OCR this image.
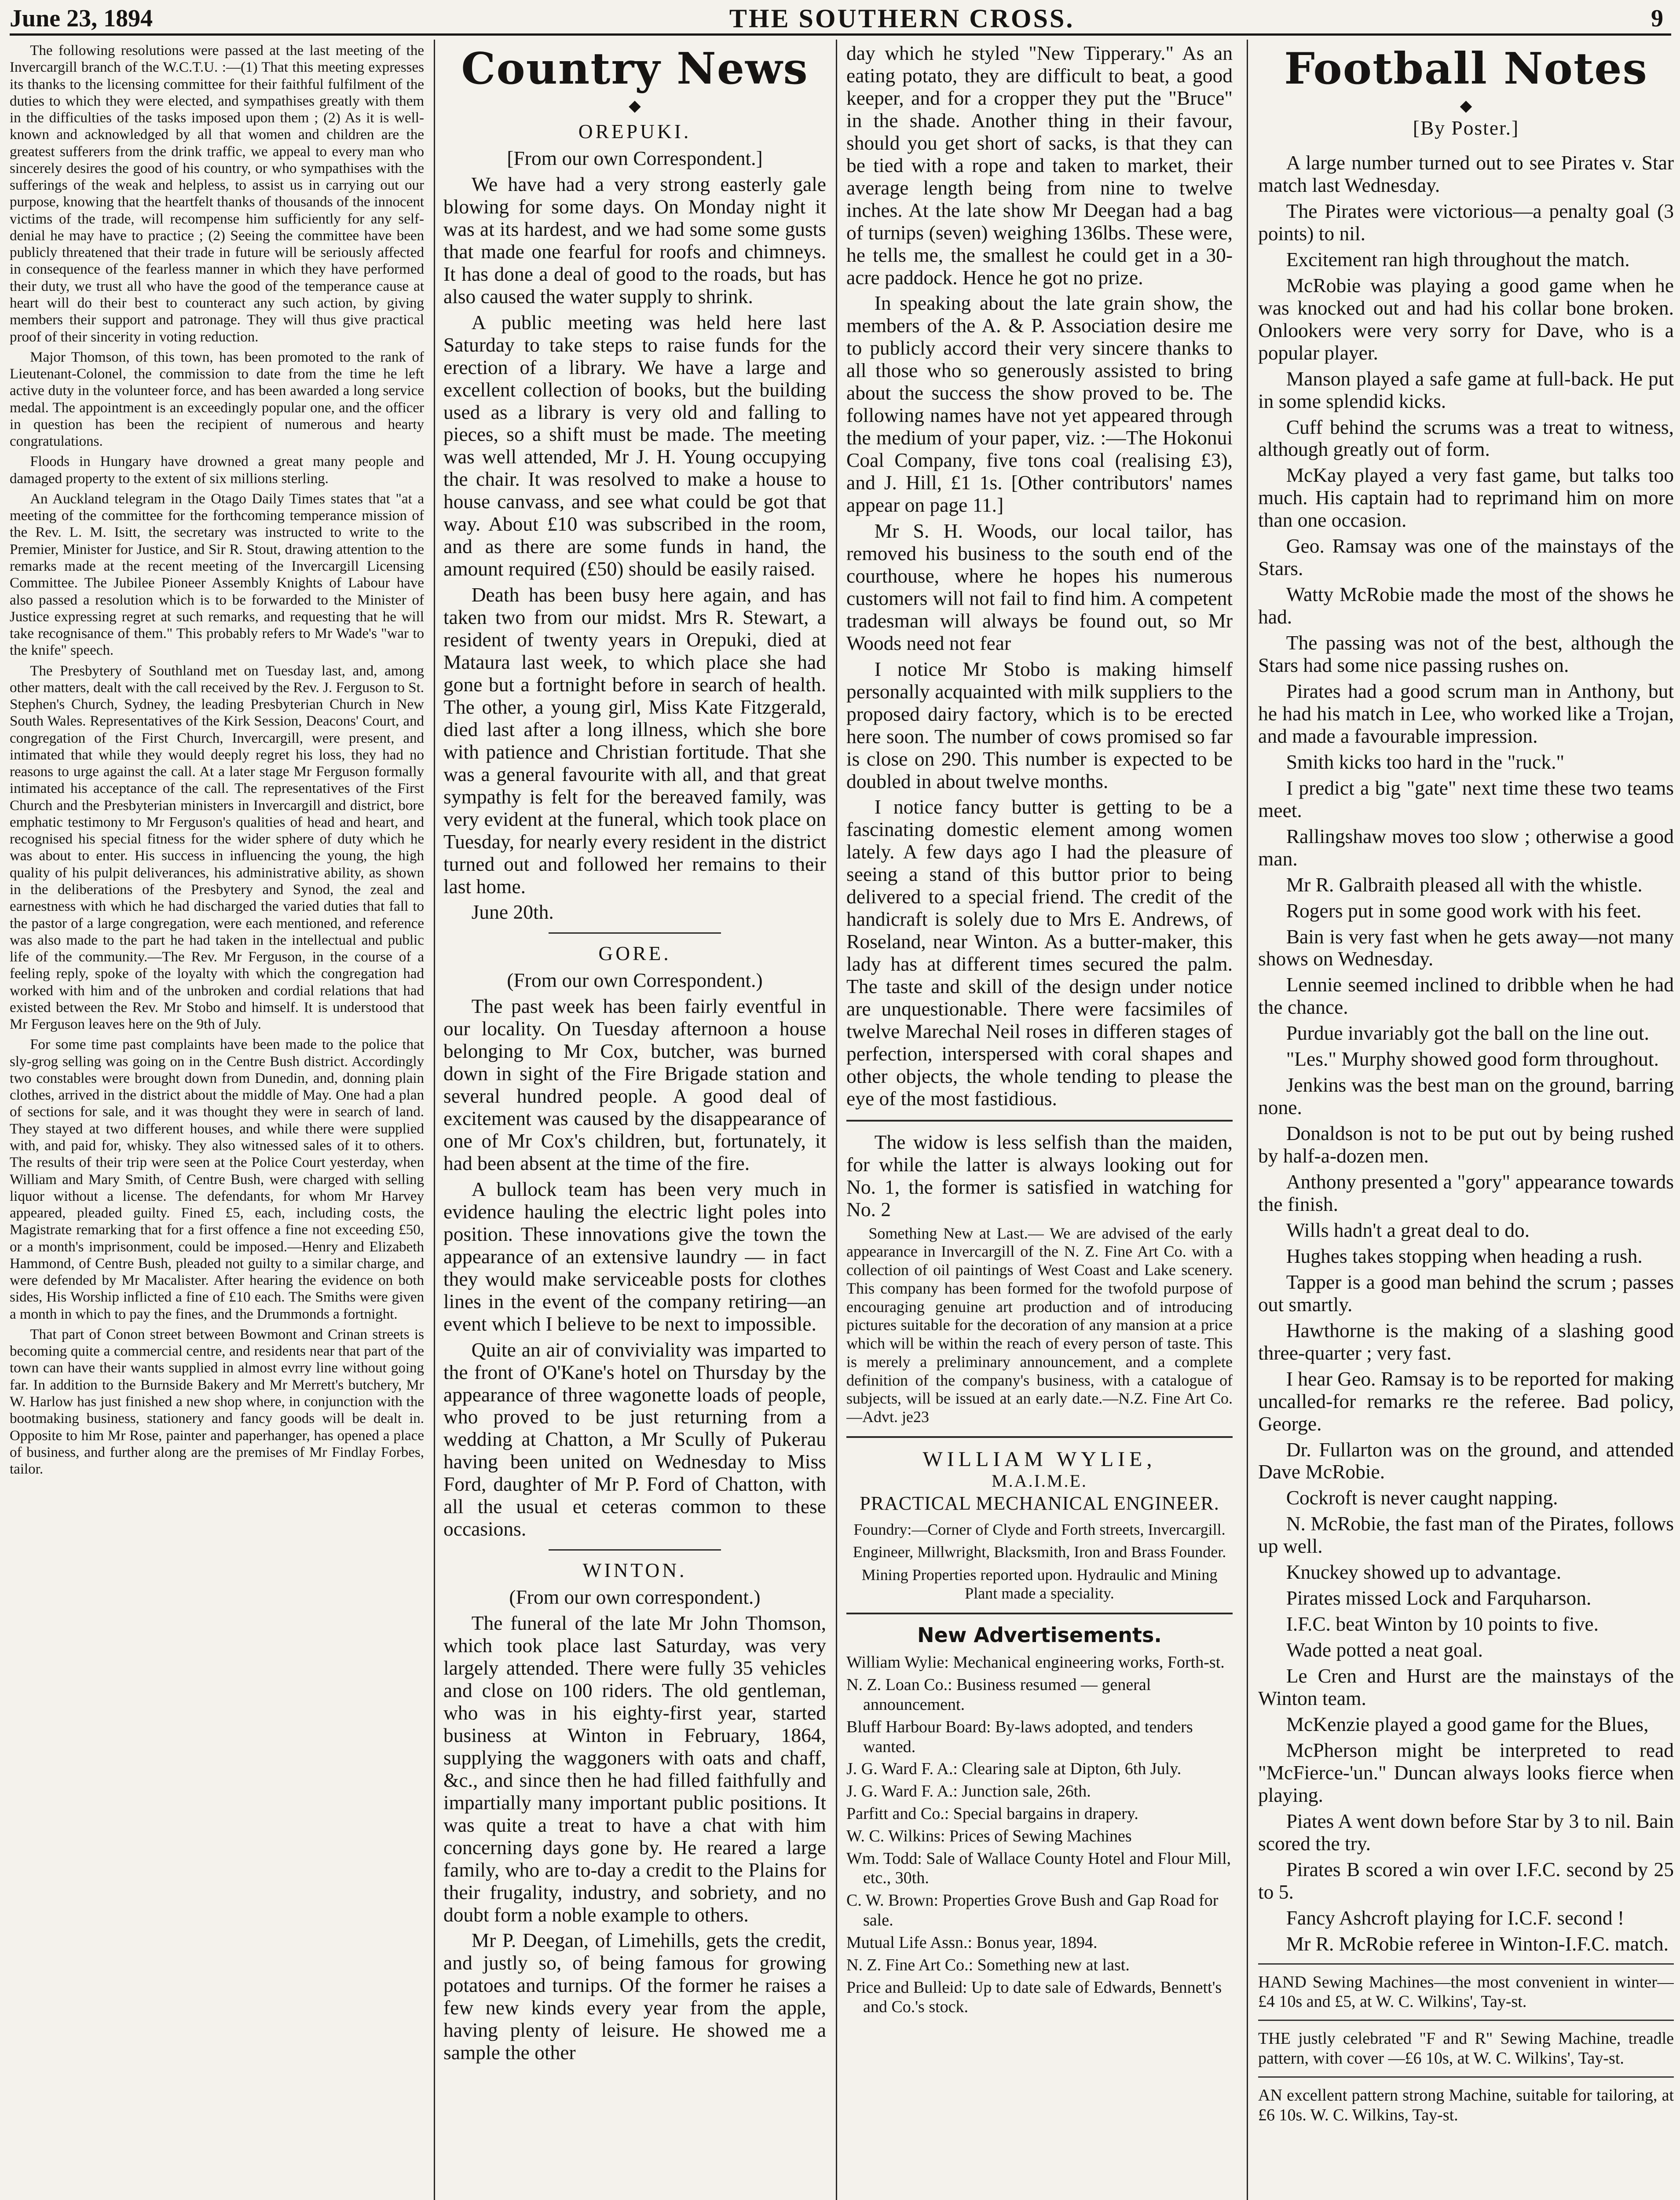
June 23, 1894	THE SOUTHERN CROSS.	9

The following resolutions were passed at the last meeting of the Invercargill branch of the W.C.T.U. :—(1) That this meeting expresses its thanks to the licensing committee for their faithful fulfilment of the duties to which they were elected, and sympathises greatly with them in the difficulties of the tasks imposed upon them ; (2) As it is well-known and acknowledged by all that women and children are the greatest sufferers from the drink traffic, we appeal to every man who sincerely desires the good of his country, or who sympathises with the sufferings of the weak and helpless, to assist us in carrying out our purpose, knowing that the heartfelt thanks of thousands of the innocent victims of the trade, will recompense him sufficiently for any self-denial he may have to practice ; (2) Seeing the committee have been publicly threatened that their trade in future will be seriously affected in consequence of the fearless manner in which they have performed their duty, we trust all who have the good of the temperance cause at heart will do their best to counteract any such action, by giving members their support and patronage. They will thus give practical proof of their sincerity in voting reduction.

Major Thomson, of this town, has been promoted to the rank of Lieutenant-Colonel, the commission to date from the time he left active duty in the volunteer force, and has been awarded a long service medal. The appointment is an exceedingly popular one, and the officer in question has been the recipient of numerous and hearty congratulations.

Floods in Hungary have drowned a great many people and damaged property to the extent of six millions sterling.

An Auckland telegram in the Otago Daily Times states that "at a meeting of the committee for the forthcoming temperance mission of the Rev. L. M. Isitt, the secretary was instructed to write to the Premier, Minister for Justice, and Sir R. Stout, drawing attention to the remarks made at the recent meeting of the Invercargill Licensing Committee. The Jubilee Pioneer Assembly Knights of Labour have also passed a resolution which is to be forwarded to the Minister of Justice expressing regret at such remarks, and requesting that he will take recognisance of them." This probably refers to Mr Wade's "war to the knife" speech.

The Presbytery of Southland met on Tuesday last, and, among other matters, dealt with the call received by the Rev. J. Ferguson to St. Stephen's Church, Sydney, the leading Presbyterian Church in New South Wales. Representatives of the Kirk Session, Deacons' Court, and congregation of the First Church, Invercargill, were present, and intimated that while they would deeply regret his loss, they had no reasons to urge against the call. At a later stage Mr Ferguson formally intimated his acceptance of the call. The representatives of the First Church and the Presbyterian ministers in Invercargill and district, bore emphatic testimony to Mr Ferguson's qualities of head and heart, and recognised his special fitness for the wider sphere of duty which he was about to enter. His success in influencing the young, the high quality of his pulpit deliverances, his administrative ability, as shown in the deliberations of the Presbytery and Synod, the zeal and earnestness with which he had discharged the varied duties that fall to the pastor of a large congregation, were each mentioned, and reference was also made to the part he had taken in the intellectual and public life of the community.—The Rev. Mr Ferguson, in the course of a feeling reply, spoke of the loyalty with which the congregation had worked with him and of the unbroken and cordial relations that had existed between the Rev. Mr Stobo and himself. It is understood that Mr Ferguson leaves here on the 9th of July.

For some time past complaints have been made to the police that sly-grog selling was going on in the Centre Bush district. Accordingly two constables were brought down from Dunedin, and, donning plain clothes, arrived in the district about the middle of May. One had a plan of sections for sale, and it was thought they were in search of land. They stayed at two different houses, and while there were supplied with, and paid for, whisky. They also witnessed sales of it to others. The results of their trip were seen at the Police Court yesterday, when William and Mary Smith, of Centre Bush, were charged with selling liquor without a license. The defendants, for whom Mr Harvey appeared, pleaded guilty. Fined £5, each, including costs, the Magistrate remarking that for a first offence a fine not exceeding £50, or a month's imprisonment, could be imposed.—Henry and Elizabeth Hammond, of Centre Bush, pleaded not guilty to a similar charge, and were defended by Mr Macalister. After hearing the evidence on both sides, His Worship inflicted a fine of £10 each. The Smiths were given a month in which to pay the fines, and the Drummonds a fortnight.

That part of Conon street between Bowmont and Crinan streets is becoming quite a commercial centre, and residents near that part of the town can have their wants supplied in almost evrry line without going far. In addition to the Burnside Bakery and Mr Merrett's butchery, Mr W. Harlow has just finished a new shop where, in conjunction with the bootmaking business, stationery and fancy goods will be dealt in. Opposite to him Mr Rose, painter and paperhanger, has opened a place of business, and further along are the premises of Mr Findlay Forbes, tailor.

Country News
◆
OREPUKI.
[From our own Correspondent.]

We have had a very strong easterly gale blowing for some days. On Monday night it was at its hardest, and we had some some gusts that made one fearful for roofs and chimneys. It has done a deal of good to the roads, but has also caused the water supply to shrink.

A public meeting was held here last Saturday to take steps to raise funds for the erection of a library. We have a large and excellent collection of books, but the building used as a library is very old and falling to pieces, so a shift must be made. The meeting was well attended, Mr J. H. Young occupying the chair. It was resolved to make a house to house canvass, and see what could be got that way. About £10 was subscribed in the room, and as there are some funds in hand, the amount required (£50) should be easily raised.

Death has been busy here again, and has taken two from our midst. Mrs R. Stewart, a resident of twenty years in Orepuki, died at Mataura last week, to which place she had gone but a fortnight before in search of health. The other, a young girl, Miss Kate Fitzgerald, died last after a long illness, which she bore with patience and Christian fortitude. That she was a general favourite with all, and that great sympathy is felt for the bereaved family, was very evident at the funeral, which took place on Tuesday, for nearly every resident in the district turned out and followed her remains to their last home.

June 20th.
GORE.
(From our own Correspondent.)

The past week has been fairly eventful in our locality. On Tuesday afternoon a house belonging to Mr Cox, butcher, was burned down in sight of the Fire Brigade station and several hundred people. A good deal of excitement was caused by the disappearance of one of Mr Cox's children, but, fortunately, it had been absent at the time of the fire.

A bullock team has been very much in evidence hauling the electric light poles into position. These innovations give the town the appearance of an extensive laundry — in fact they would make serviceable posts for clothes lines in the event of the company retiring—an event which I believe to be next to impossible.

Quite an air of conviviality was imparted to the front of O'Kane's hotel on Thursday by the appearance of three wagonette loads of people, who proved to be just returning from a wedding at Chatton, a Mr Scully of Pukerau having been united on Wednesday to Miss Ford, daughter of Mr P. Ford of Chatton, with all the usual et ceteras common to these occasions.

WINTON.
(From our own correspondent.)

The funeral of the late Mr John Thomson, which took place last Saturday, was very largely attended. There were fully 35 vehicles and close on 100 riders. The old gentleman, who was in his eighty-first year, started business at Winton in February, 1864, supplying the waggoners with oats and chaff, &c., and since then he had filled faithfully and impartially many important public positions. It was quite a treat to have a chat with him concerning days gone by. He reared a large family, who are to-day a credit to the Plains for their frugality, industry, and sobriety, and no doubt form a noble example to others.

Mr P. Deegan, of Limehills, gets the credit, and justly so, of being famous for growing potatoes and turnips. Of the former he raises a few new kinds every year from the apple, having plenty of leisure. He showed me a sample the other

day which he styled "New Tipperary." As an eating potato, they are difficult to beat, a good keeper, and for a cropper they put the "Bruce" in the shade. Another thing in their favour, should you get short of sacks, is that they can be tied with a rope and taken to market, their average length being from nine to twelve inches. At the late show Mr Deegan had a bag of turnips (seven) weighing 136lbs. These were, he tells me, the smallest he could get in a 30-acre paddock. Hence he got no prize.

In speaking about the late grain show, the members of the A. & P. Association desire me to publicly accord their very sincere thanks to all those who so generously assisted to bring about the success the show proved to be. The following names have not yet appeared through the medium of your paper, viz. :—The Hokonui Coal Company, five tons coal (realising £3), and J. Hill, £1 1s. [Other contributors' names appear on page 11.]

Mr S. H. Woods, our local tailor, has removed his business to the south end of the courthouse, where he hopes his numerous customers will not fail to find him. A competent tradesman will always be found out, so Mr Woods need not fear

I notice Mr Stobo is making himself personally acquainted with milk suppliers to the proposed dairy factory, which is to be erected here soon. The number of cows promised so far is close on 290. This number is expected to be doubled in about twelve months.

I notice fancy butter is getting to be a fascinating domestic element among women lately. A few days ago I had the pleasure of seeing a stand of this buttor prior to being delivered to a special friend. The credit of the handicraft is solely due to Mrs E. Andrews, of Roseland, near Winton. As a butter-maker, this lady has at different times secured the palm. The taste and skill of the design under notice are unquestionable. There were facsimiles of twelve Marechal Neil roses in differen stages of perfection, interspersed with coral shapes and other objects, the whole tending to please the eye of the most fastidious.

The widow is less selfish than the maiden, for while the latter is always looking out for No. 1, the former is satisfied in watching for No. 2

Something New at Last.— We are advised of the early appearance in Invercargill of the N. Z. Fine Art Co. with a collection of oil paintings of West Coast and Lake scenery. This company has been formed for the twofold purpose of encouraging genuine art production and of introducing pictures suitable for the decoration of any mansion at a price which will be within the reach of every person of taste. This is merely a preliminary announcement, and a complete definition of the company's business, with a catalogue of subjects, will be issued at an early date.—N.Z. Fine Art Co.—Advt. je23

WILLIAM WYLIE,
M.A.I.M.E.
PRACTICAL MECHANICAL ENGINEER.
Foundry:—Corner of Clyde and Forth streets, Invercargill.
Engineer, Millwright, Blacksmith, Iron and Brass Founder.
Mining Properties reported upon. Hydraulic and Mining Plant made a speciality.
New Advertisements.

William Wylie: Mechanical engineering works, Forth-st.

N. Z. Loan Co.: Business resumed — general announcement.

Bluff Harbour Board: By-laws adopted, and tenders wanted.

J. G. Ward F. A.: Clearing sale at Dipton, 6th July.

J. G. Ward F. A.: Junction sale, 26th.

Parfitt and Co.: Special bargains in drapery.

W. C. Wilkins: Prices of Sewing Machines

Wm. Todd: Sale of Wallace County Hotel and Flour Mill, etc., 30th.

C. W. Brown: Properties Grove Bush and Gap Road for sale.

Mutual Life Assn.: Bonus year, 1894.

N. Z. Fine Art Co.: Something new at last.

Price and Bulleid: Up to date sale of Edwards, Bennett's and Co.'s stock.

Football Notes
◆
[By Poster.]

A large number turned out to see Pirates v. Star match last Wednesday.

The Pirates were victorious—a penalty goal (3 points) to nil.

Excitement ran high throughout the match.

McRobie was playing a good game when he was knocked out and had his collar bone broken. Onlookers were very sorry for Dave, who is a popular player.

Manson played a safe game at full-back. He put in some splendid kicks.

Cuff behind the scrums was a treat to witness, although greatly out of form.

McKay played a very fast game, but talks too much. His captain had to reprimand him on more than one occasion.

Geo. Ramsay was one of the mainstays of the Stars.

Watty McRobie made the most of the shows he had.

The passing was not of the best, although the Stars had some nice passing rushes on.

Pirates had a good scrum man in Anthony, but he had his match in Lee, who worked like a Trojan, and made a favourable impression.

Smith kicks too hard in the "ruck."

I predict a big "gate" next time these two teams meet.

Rallingshaw moves too slow ; otherwise a good man.

Mr R. Galbraith pleased all with the whistle.

Rogers put in some good work with his feet.

Bain is very fast when he gets away—not many shows on Wednesday.

Lennie seemed inclined to dribble when he had the chance.

Purdue invariably got the ball on the line out.

"Les." Murphy showed good form throughout.

Jenkins was the best man on the ground, barring none.

Donaldson is not to be put out by being rushed by half-a-dozen men.

Anthony presented a "gory" appearance towards the finish.

Wills hadn't a great deal to do.

Hughes takes stopping when heading a rush.

Tapper is a good man behind the scrum ; passes out smartly.

Hawthorne is the making of a slashing good three-quarter ; very fast.

I hear Geo. Ramsay is to be reported for making uncalled-for remarks re the referee. Bad policy, George.

Dr. Fullarton was on the ground, and attended Dave McRobie.

Cockroft is never caught napping.

N. McRobie, the fast man of the Pirates, follows up well.

Knuckey showed up to advantage.

Pirates missed Lock and Farquharson.

I.F.C. beat Winton by 10 points to five.

Wade potted a neat goal.

Le Cren and Hurst are the mainstays of the Winton team.

McKenzie played a good game for the Blues,

McPherson might be interpreted to read "McFierce-'un." Duncan always looks fierce when playing.

Piates A went down before Star by 3 to nil. Bain scored the try.

Pirates B scored a win over I.F.C. second by 25 to 5.

Fancy Ashcroft playing for I.C.F. second !

Mr R. McRobie referee in Winton-I.F.C. match.

HAND Sewing Machines—the most convenient in winter—£4 10s and £5, at W. C. Wilkins', Tay-st.

THE justly celebrated "F and R" Sewing Machine, treadle pattern, with cover —£6 10s, at W. C. Wilkins', Tay-st.

AN excellent pattern strong Machine, suitable for tailoring, at £6 10s. W. C. Wilkins, Tay-st.
